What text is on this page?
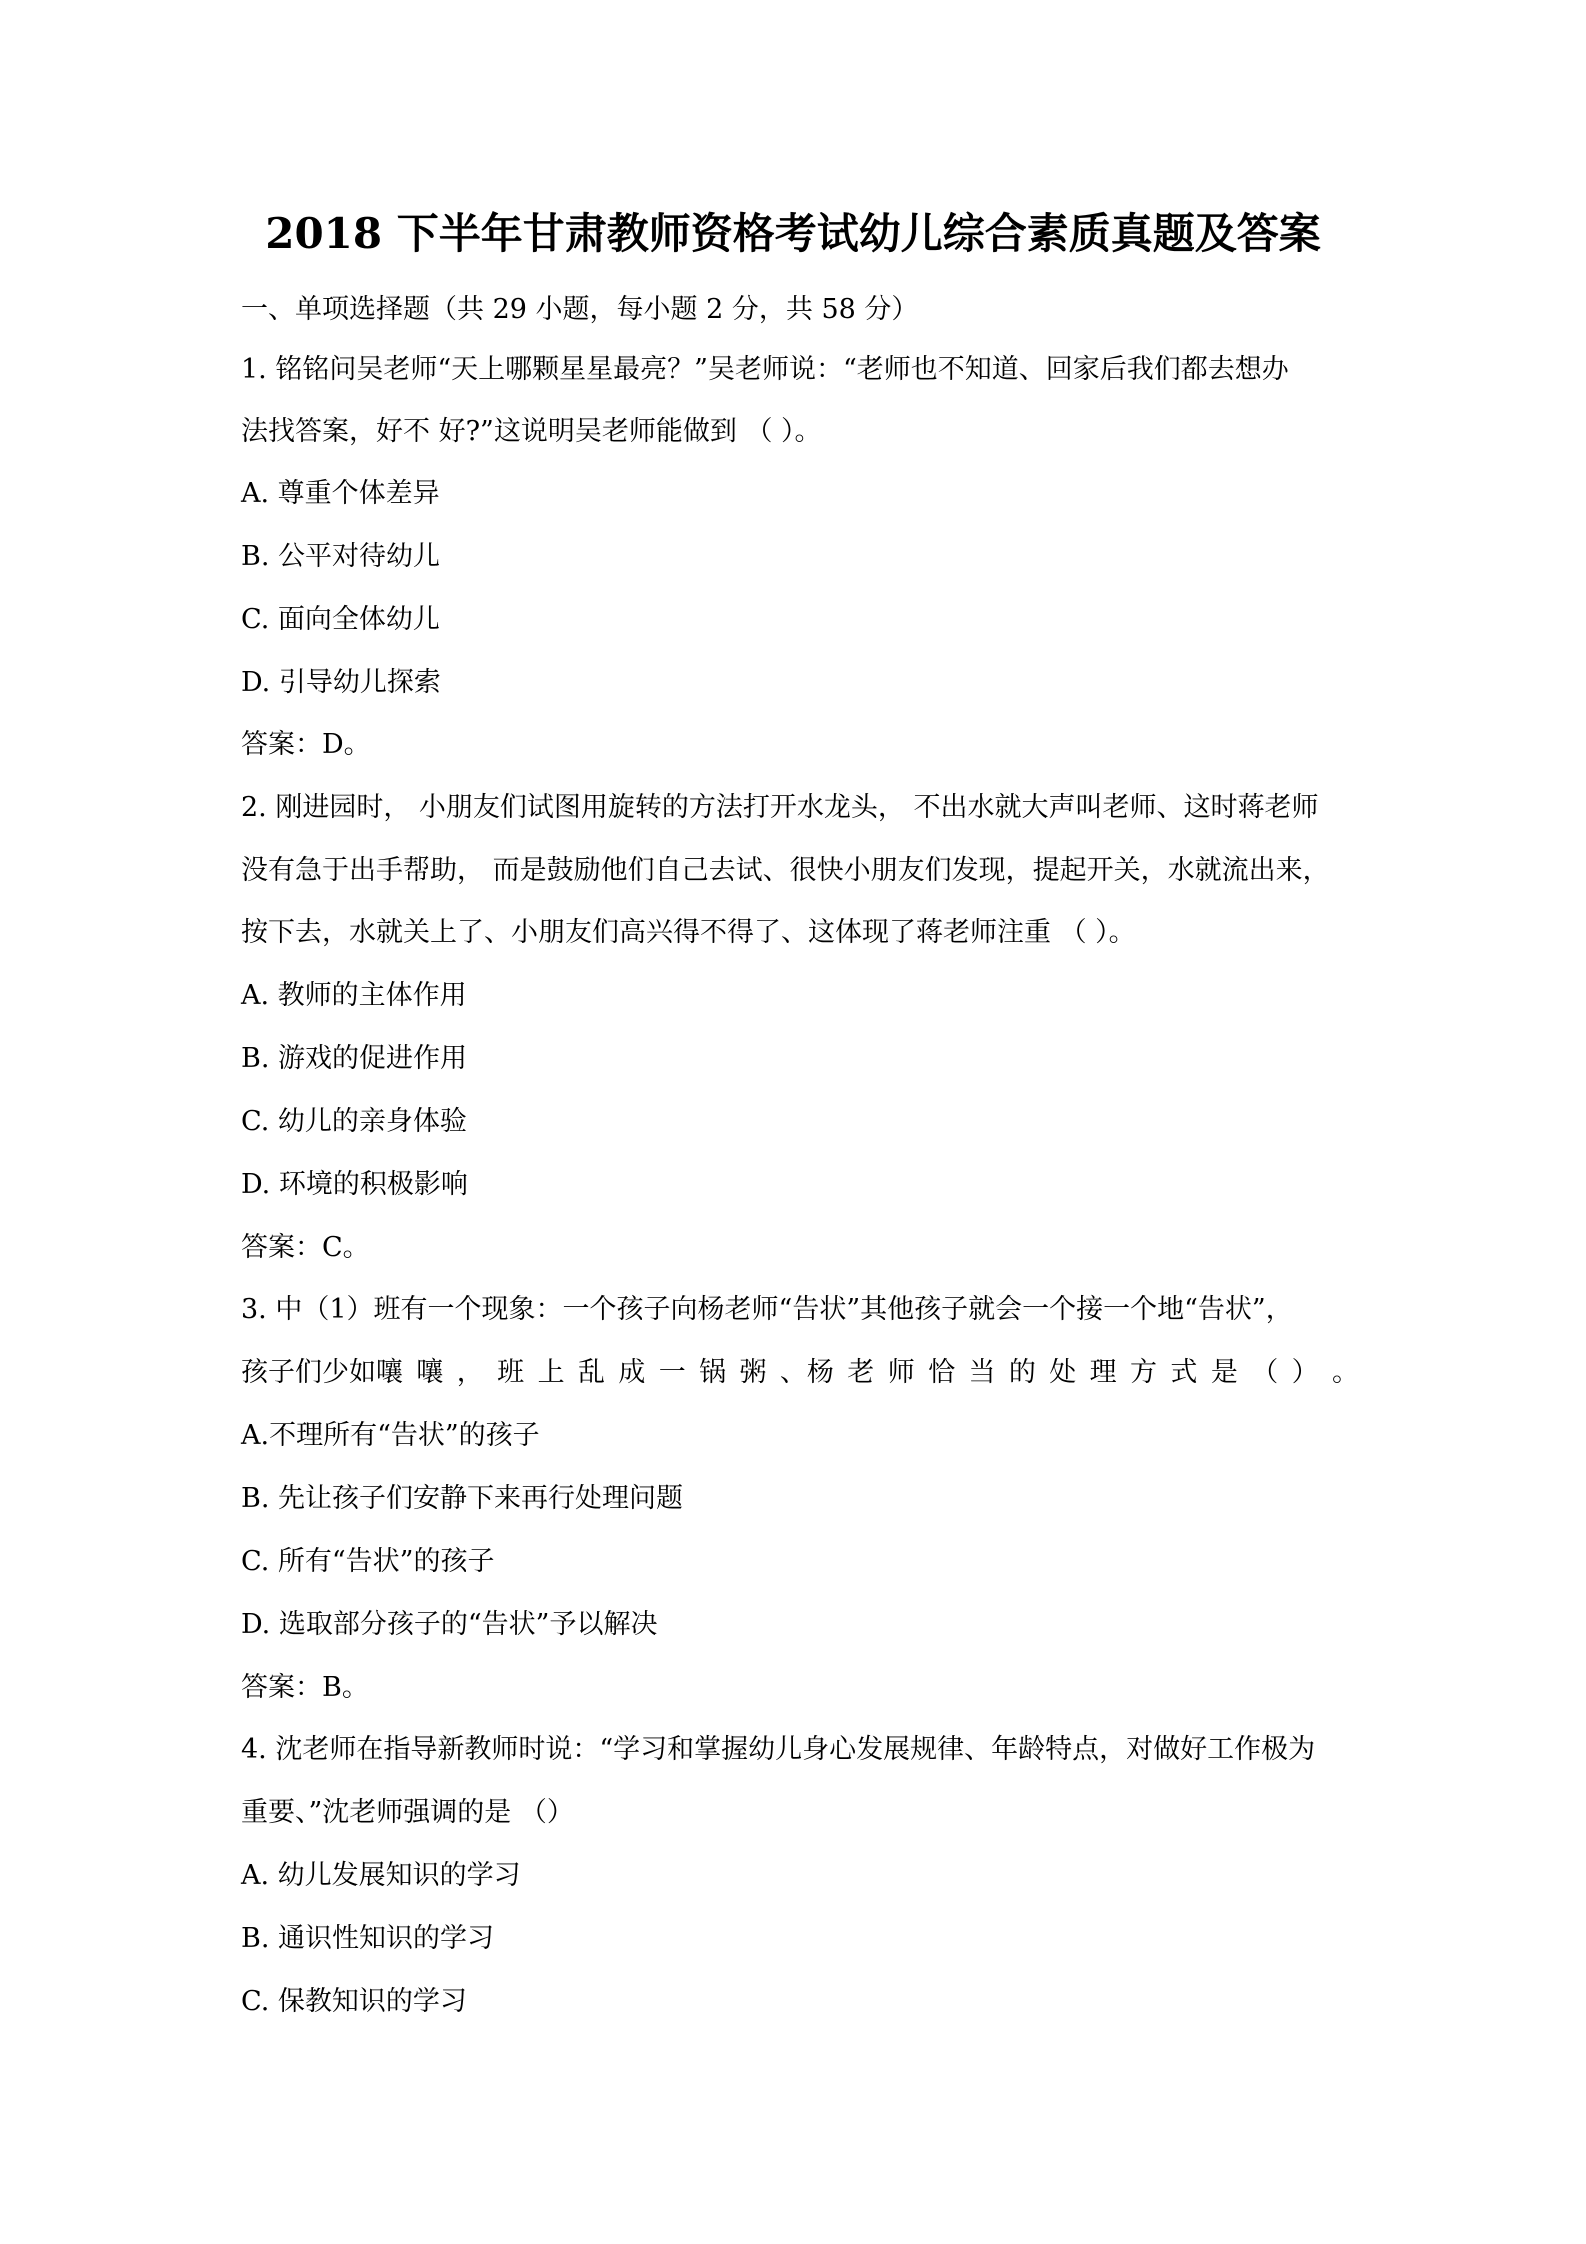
2018 下半年甘肃教师资格考试幼儿综合素质真题及答案
一、单项选择题（共 29 小题，每小题 2 分，共 58 分）
1. 铭铭问吴老师“天上哪颗星星最亮？”吴老师说：“老师也不知道、回家后我们都去想办
法找答案，好不 好?”这说明吴老师能做到 （ ）。
A. 尊重个体差异
B. 公平对待幼儿
C. 面向全体幼儿
D. 引导幼儿探索
答案：D。
2. 刚进园时， 小朋友们试图用旋转的方法打开水龙头， 不出水就大声叫老师、这时蒋老师
没有急于出手帮助， 而是鼓励他们自己去试、很快小朋友们发现，提起开关，水就流出来，
按下去，水就关上了、小朋友们高兴得不得了、这体现了蒋老师注重 （ ）。
A. 教师的主体作用
B. 游戏的促进作用
C. 幼儿的亲身体验
D. 环境的积极影响
答案：C。
3. 中（1）班有一个现象：一个孩子向杨老师“告状”其他孩子就会一个接一个地“告状”，
孩子们少如嚷 嚷 ， 班 上 乱 成 一 锅 粥 、杨 老 师 恰 当 的 处 理 方 式 是 （ ） 。
A.不理所有“告状”的孩子
B. 先让孩子们安静下来再行处理问题
C. 所有“告状”的孩子
D. 选取部分孩子的“告状”予以解决
答案：B。
4. 沈老师在指导新教师时说：“学习和掌握幼儿身心发展规律、年龄特点，对做好工作极为
重要、”沈老师强调的是 （）
A. 幼儿发展知识的学习
B. 通识性知识的学习
C. 保教知识的学习
